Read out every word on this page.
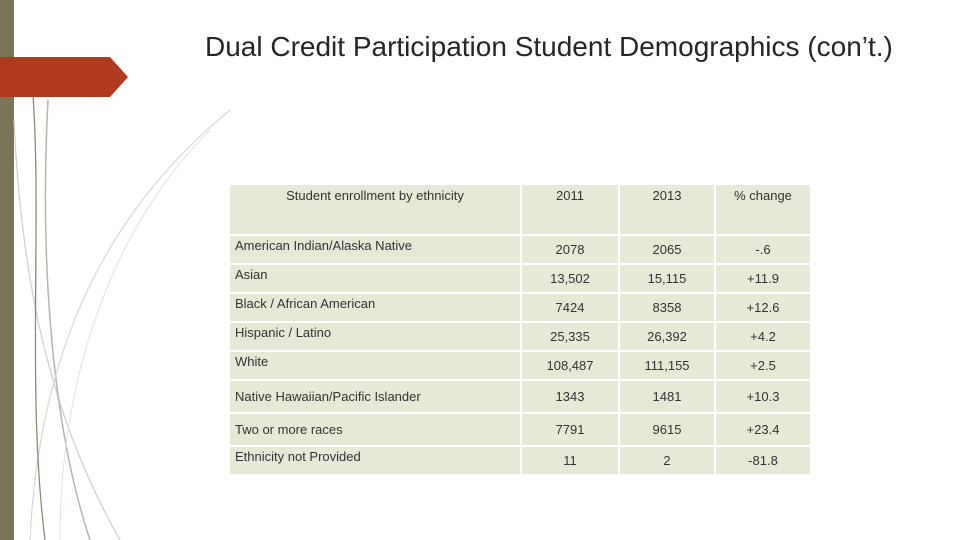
Dual Credit Participation Student Demographics (con’t.)
Student enrollment by ethnicity	2011	2013	% change
American Indian/Alaska Native	2078	2065	-.6
Asian	13,502	15,115	+11.9
Black / African American	7424	8358	+12.6
Hispanic / Latino	25,335	26,392	+4.2
White	108,487	111,155	+2.5
Native Hawaiian/Pacific Islander	1343	1481	+10.3
Two or more races	7791	9615	+23.4
Ethnicity not Provided	11	2	-81.8
